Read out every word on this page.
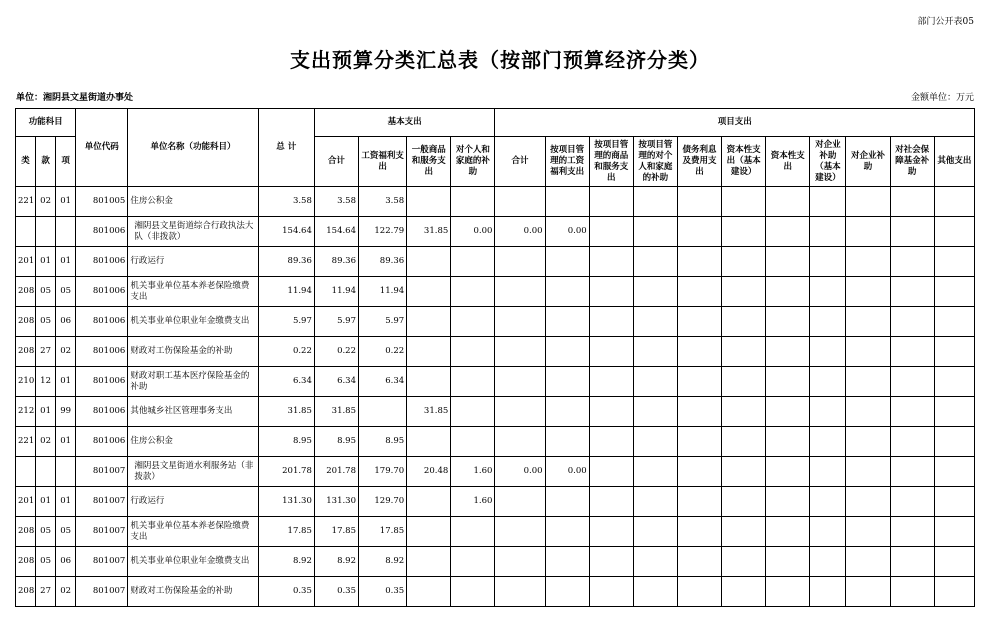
部门公开表05
支出预算分类汇总表（按部门预算经济分类）
单位：湘阴县文星街道办事处	金额单位：万元
功能科目			单位代码	单位名称（功能科目）	总 计	基本支出				项目支出										
类	款	项				合计	工资福利支出	一般商品和服务支出	对个人和家庭的补助	合计	按项目管理的工资福利支出	按项目管理的商品和服务支出	按项目管理的对个人和家庭的补助	债务利息及费用支出	资本性支出（基本建设）	资本性支出	对企业补助（基本建设）	对企业补助	对社会保障基金补助	其他支出
221	02	01	801005	住房公积金	3.58	3.58	3.58													
			801006	湘阴县文星街道综合行政执法大队（非拨款）	154.64	154.64	122.79	31.85	0.00	0.00	0.00									
201	01	01	801006	行政运行	89.36	89.36	89.36													
208	05	05	801006	机关事业单位基本养老保险缴费支出	11.94	11.94	11.94													
208	05	06	801006	机关事业单位职业年金缴费支出	5.97	5.97	5.97													
208	27	02	801006	财政对工伤保险基金的补助	0.22	0.22	0.22													
210	12	01	801006	财政对职工基本医疗保险基金的补助	6.34	6.34	6.34													
212	01	99	801006	其他城乡社区管理事务支出	31.85	31.85		31.85												
221	02	01	801006	住房公积金	8.95	8.95	8.95													
			801007	湘阴县文星街道水利服务站（非拨款）	201.78	201.78	179.70	20.48	1.60	0.00	0.00									
201	01	01	801007	行政运行	131.30	131.30	129.70		1.60											
208	05	05	801007	机关事业单位基本养老保险缴费支出	17.85	17.85	17.85													
208	05	06	801007	机关事业单位职业年金缴费支出	8.92	8.92	8.92													
208	27	02	801007	财政对工伤保险基金的补助	0.35	0.35	0.35													
